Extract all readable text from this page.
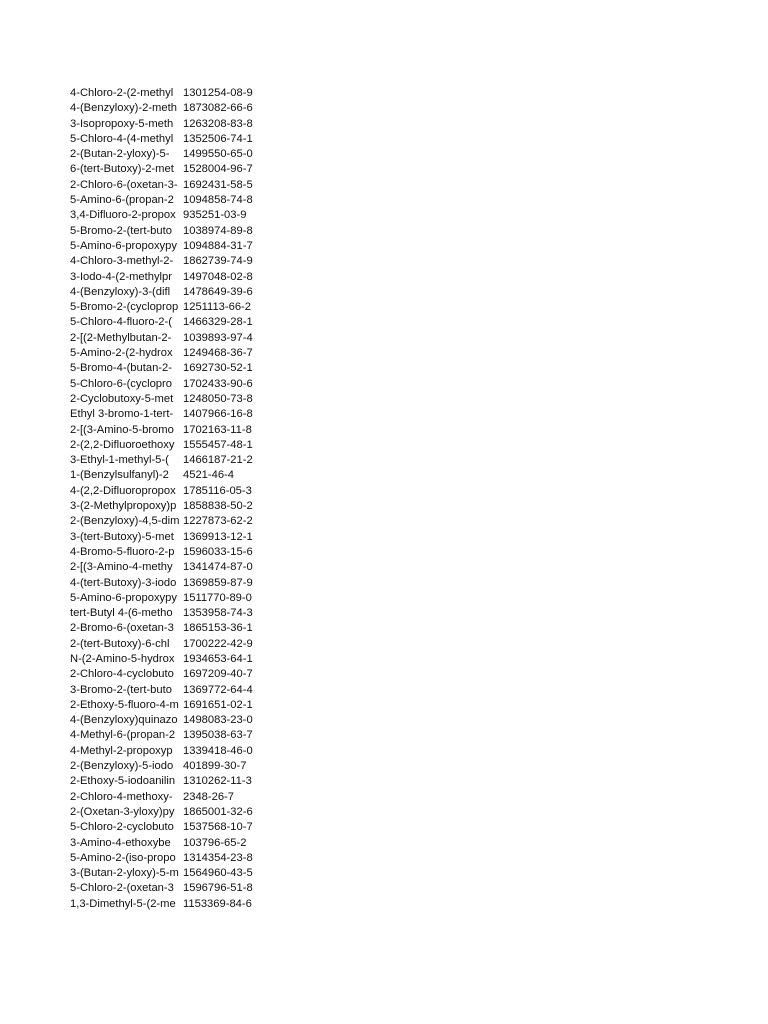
4-Chloro-2-(2-methyl 1301254-08-9
4-(Benzyloxy)-2-meth 1873082-66-6
3-Isopropoxy-5-meth 1263208-83-8
5-Chloro-4-(4-methyl 1352506-74-1
2-(Butan-2-yloxy)-5-	1499550-65-0
6-(tert-Butoxy)-2-met 1528004-96-7
2-Chloro-6-(oxetan-3- 1692431-58-5
5-Amino-6-(propan-2 1094858-74-8
3,4-Difluoro-2-propox 935251-03-9
5-Bromo-2-(tert-buto 1038974-89-8
5-Amino-6-propoxypy 1094884-31-7
4-Chloro-3-methyl-2- 1862739-74-9
3-Iodo-4-(2-methylpr 1497048-02-8
4-(Benzyloxy)-3-(difl	1478649-39-6
5-Bromo-2-(cycloprop 1251113-66-2
5-Chloro-4-fluoro-2-( 1466329-28-1
2-[(2-Methylbutan-2-	1039893-97-4
5-Amino-2-(2-hydrox 1249468-36-7
5-Bromo-4-(butan-2- 1692730-52-1
5-Chloro-6-(cyclopro 1702433-90-6
2-Cyclobutoxy-5-met 1248050-73-8
Ethyl 3-bromo-1-tert- 1407966-16-8
2-[(3-Amino-5-bromo 1702163-11-8
2-(2,2-Difluoroethoxy 1555457-48-1
3-Ethyl-1-methyl-5-(	1466187-21-2
1-(Benzylsulfanyl)-2	4521-46-4
4-(2,2-Difluoropropox 1785116-05-3
3-(2-Methylpropoxy)p 1858838-50-2
2-(Benzyloxy)-4,5-dim 1227873-62-2
3-(tert-Butoxy)-5-met 1369913-12-1
4-Bromo-5-fluoro-2-p 1596033-15-6
2-[(3-Amino-4-methy 1341474-87-0
4-(tert-Butoxy)-3-iodo 1369859-87-9
5-Amino-6-propoxypy 1511770-89-0
tert-Butyl 4-(6-metho 1353958-74-3
2-Bromo-6-(oxetan-3 1865153-36-1
2-(tert-Butoxy)-6-chl	1700222-42-9
N-(2-Amino-5-hydrox 1934653-64-1
2-Chloro-4-cyclobuto 1697209-40-7
3-Bromo-2-(tert-buto 1369772-64-4
2-Ethoxy-5-fluoro-4-m 1691651-02-1
4-(Benzyloxy)quinazo 1498083-23-0
4-Methyl-6-(propan-2 1395038-63-7
4-Methyl-2-propoxyp 1339418-46-0
2-(Benzyloxy)-5-iodo 401899-30-7
2-Ethoxy-5-iodoanilin 1310262-11-3
2-Chloro-4-methoxy- 2348-26-7
2-(Oxetan-3-yloxy)py 1865001-32-6
5-Chloro-2-cyclobuto 1537568-10-7
3-Amino-4-ethoxybe	103796-65-2
5-Amino-2-(iso-propo 1314354-23-8
3-(Butan-2-yloxy)-5-m 1564960-43-5
5-Chloro-2-(oxetan-3 1596796-51-8
1,3-Dimethyl-5-(2-me 1153369-84-6
